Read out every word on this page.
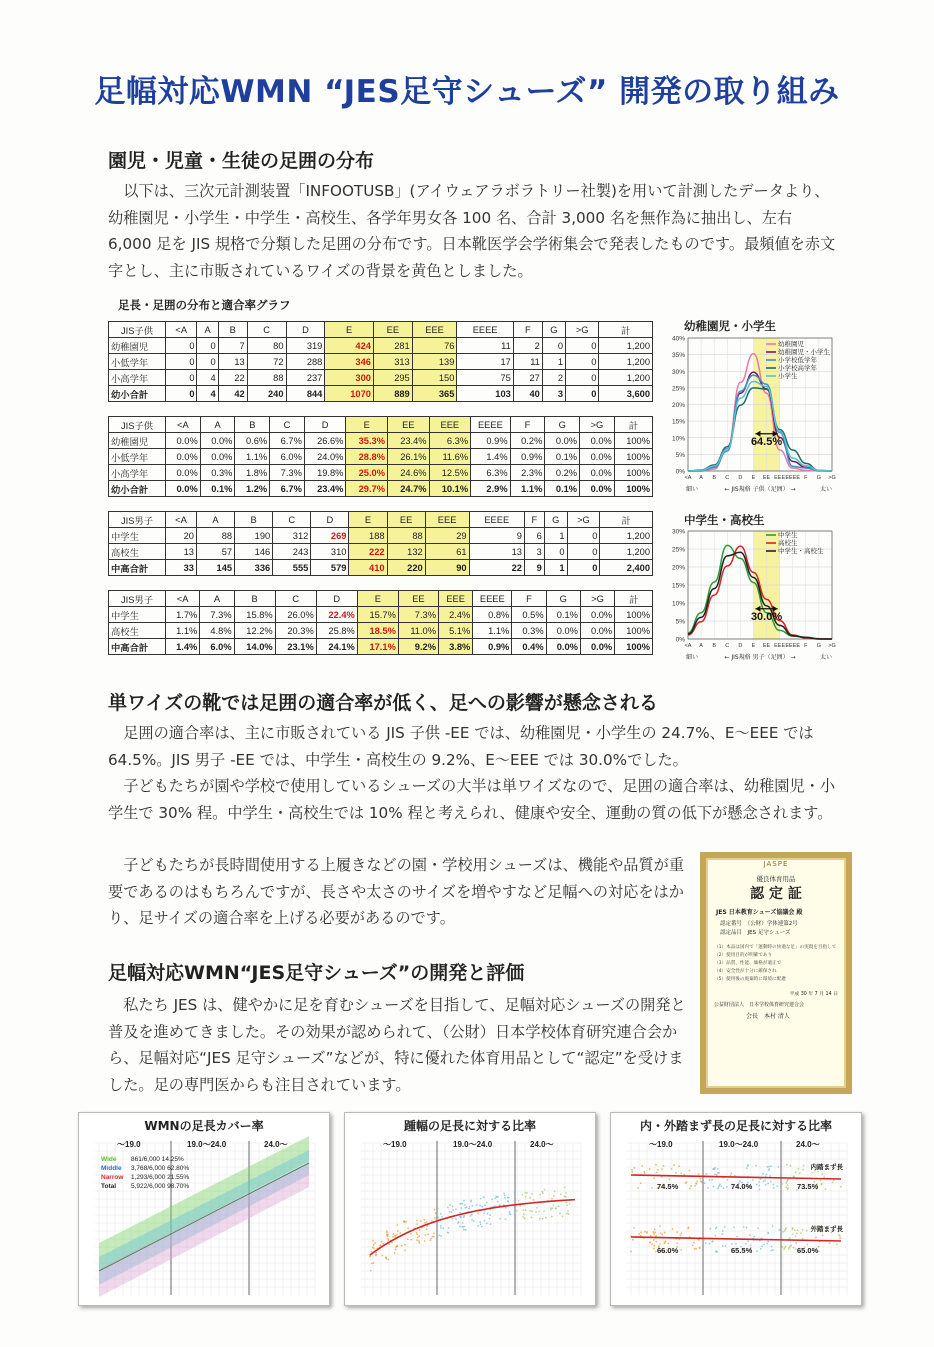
足幅対応WMN “JES足守シューズ” 開発の取り組み
園児・児童・生徒の足囲の分布

以下は、三次元計測装置「INFOOTUSB」(アイウェアラボラトリー社製)を用いて計測したデータより、幼稚園児・小学生・中学生・高校生、各学年男女各 100 名、合計 3,000 名を無作為に抽出し、左右 6,000 足を JIS 規格で分類した足囲の分布です。日本靴医学会学術集会で発表したものです。最頻値を赤文字とし、主に市販されているワイズの背景を黄色としました。

足長・足囲の分布と適合率グラフ
JIS子供	<A	A	B	C	D	E	EE	EEE	EEEE	F	G	>G	計
幼稚園児	0	0	7	80	319	424	281	76	11	2	0	0	1,200
小低学年	0	0	13	72	288	346	313	139	17	11	1	0	1,200
小高学年	0	4	22	88	237	300	295	150	75	27	2	0	1,200
幼小合計	0	4	42	240	844	1070	889	365	103	40	3	0	3,600
JIS子供	<A	A	B	C	D	E	EE	EEE	EEEE	F	G	>G	計
幼稚園児	0.0%	0.0%	0.6%	6.7%	26.6%	35.3%	23.4%	6.3%	0.9%	0.2%	0.0%	0.0%	100%
小低学年	0.0%	0.0%	1.1%	6.0%	24.0%	28.8%	26.1%	11.6%	1.4%	0.9%	0.1%	0.0%	100%
小高学年	0.0%	0.3%	1.8%	7.3%	19.8%	25.0%	24.6%	12.5%	6.3%	2.3%	0.2%	0.0%	100%
幼小合計	0.0%	0.1%	1.2%	6.7%	23.4%	29.7%	24.7%	10.1%	2.9%	1.1%	0.1%	0.0%	100%
JIS男子	<A	A	B	C	D	E	EE	EEE	EEEE	F	G	>G	計
中学生	20	88	190	312	269	188	88	29	9	6	1	0	1,200
高校生	13	57	146	243	310	222	132	61	13	3	0	0	1,200
中高合計	33	145	336	555	579	410	220	90	22	9	1	0	2,400
JIS男子	<A	A	B	C	D	E	EE	EEE	EEEE	F	G	>G	計
中学生	1.7%	7.3%	15.8%	26.0%	22.4%	15.7%	7.3%	2.4%	0.8%	0.5%	0.1%	0.0%	100%
高校生	1.1%	4.8%	12.2%	20.3%	25.8%	18.5%	11.0%	5.1%	1.1%	0.3%	0.0%	0.0%	100%
中高合計	1.4%	6.0%	14.0%	23.1%	24.1%	17.1%	9.2%	3.8%	0.9%	0.4%	0.0%	0.0%	100%
幼稚園児・小学生
0%
5%
10%
15%
20%
25%
30%
35%
40%
<A A B C D E EE EEE EEEE F G >G
幼稚園児
幼稚園児・小学生
小学校低学年
小学校高学年
小学生
64.5%
細い	← JIS規格 子供（足囲） →	太い
中学生・高校生
0%
5%
10%
15%
20%
25%
30%
<A A B C D E EE EEE EEEE F G >G
中学生
高校生
中学生・高校生
30.0%
細い	← JIS規格 男子（足囲） →	太い
単ワイズの靴では足囲の適合率が低く、足への影響が懸念される

足囲の適合率は、主に市販されている JIS 子供 -EE では、幼稚園児・小学生の 24.7%、E〜EEE では 64.5%。JIS 男子 -EE では、中学生・高校生の 9.2%、E〜EEE では 30.0%でした。

子どもたちが園や学校で使用しているシューズの大半は単ワイズなので、足囲の適合率は、幼稚園児・小学生で 30% 程。中学生・高校生では 10% 程と考えられ、健康や安全、運動の質の低下が懸念されます。

子どもたちが長時間使用する上履きなどの園・学校用シューズは、機能や品質が重要であるのはもちろんですが、長さや太さのサイズを増やすなど足幅への対応をはかり、足サイズの適合率を上げる必要があるのです。

足幅対応WMN“JES足守シューズ”の開発と評価

私たち JES は、健やかに足を育むシューズを目指して、足幅対応シューズの開発と普及を進めてきました。その効果が認められて、（公財）日本学校体育研究連合会から、足幅対応“JES 足守シューズ”などが、特に優れた体育用品として“認定”を受けました。足の専門医からも注目されています。

JASPE
優良体育用品
認 定 証
JES 日本教育シューズ協議会 殿
認定番号　（公財）学体連第2号
認定品目　JES 足守シューズ
（1）本品は国内で「運動時の快適な足」の実現を目指して
（2）使用目的が明確であり
（3）品質、性能、価格が適正で
（4）安全性が十分に確保され
（5）使用後の廃棄時に環境に配慮
平成 30 年 7 月 14 日
公益財団法人　日本学校体育研究連合会
会長　本村 清人
WMNの足長カバー率
〜19.0	19.0〜24.0	24.0〜
Wide 861/6,000 14.25%
Middle 3,768/6,000 62.80%
Narrow 1,293/6,000 21.55%
Total 5,922/6,000 98.70%
踵幅の足長に対する比率
〜19.0	19.0〜24.0	24.0〜
内・外踏まず長の足長に対する比率
〜19.0	19.0〜24.0	24.0〜
内踏まず長
外踏まず長
74.5%	74.0%	73.5%
66.0%	65.5%	65.0%
